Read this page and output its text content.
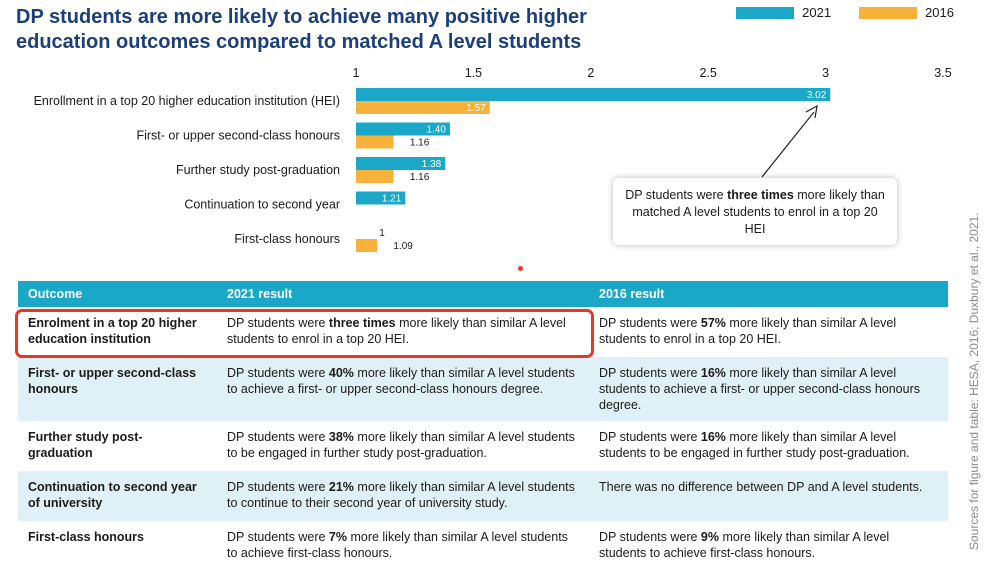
DP students are more likely to achieve many positive higher education outcomes compared to matched A level students
2021	2016
1	1.5	2	2.5	3	3.5
Enrollment in a top 20 higher education institution (HEI)	3.02
1.57
First- or upper second-class honours	1.40
1.16
Further study post-graduation	1.38
1.16
Continuation to second year	1.21
First-class honours	1
1.09
DP students were three times more likely than matched A level students to enrol in a top 20 HEI	Sources for figure and table: HESA, 2016; Duxbury et al., 2021.
Outcome	2021 result	2016 result
Enrolment in a top 20 higher education institution	DP students were three times more likely than similar A level students to enrol in a top 20 HEI.	DP students were 57% more likely than similar A level students to enrol in a top 20 HEI.
First- or upper second-class honours	DP students were 40% more likely than similar A level students to achieve a first- or upper second-class honours degree.	DP students were 16% more likely than similar A level students to achieve a first- or upper second-class honours degree.
Further study post-graduation	DP students were 38% more likely than similar A level students to be engaged in further study post-graduation.	DP students were 16% more likely than similar A level students to be engaged in further study post-graduation.
Continuation to second year of university	DP students were 21% more likely than similar A level students to continue to their second year of university study.	There was no difference between DP and A level students.
First-class honours	DP students were 7% more likely than similar A level students to achieve first-class honours.	DP students were 9% more likely than similar A level students to achieve first-class honours.
